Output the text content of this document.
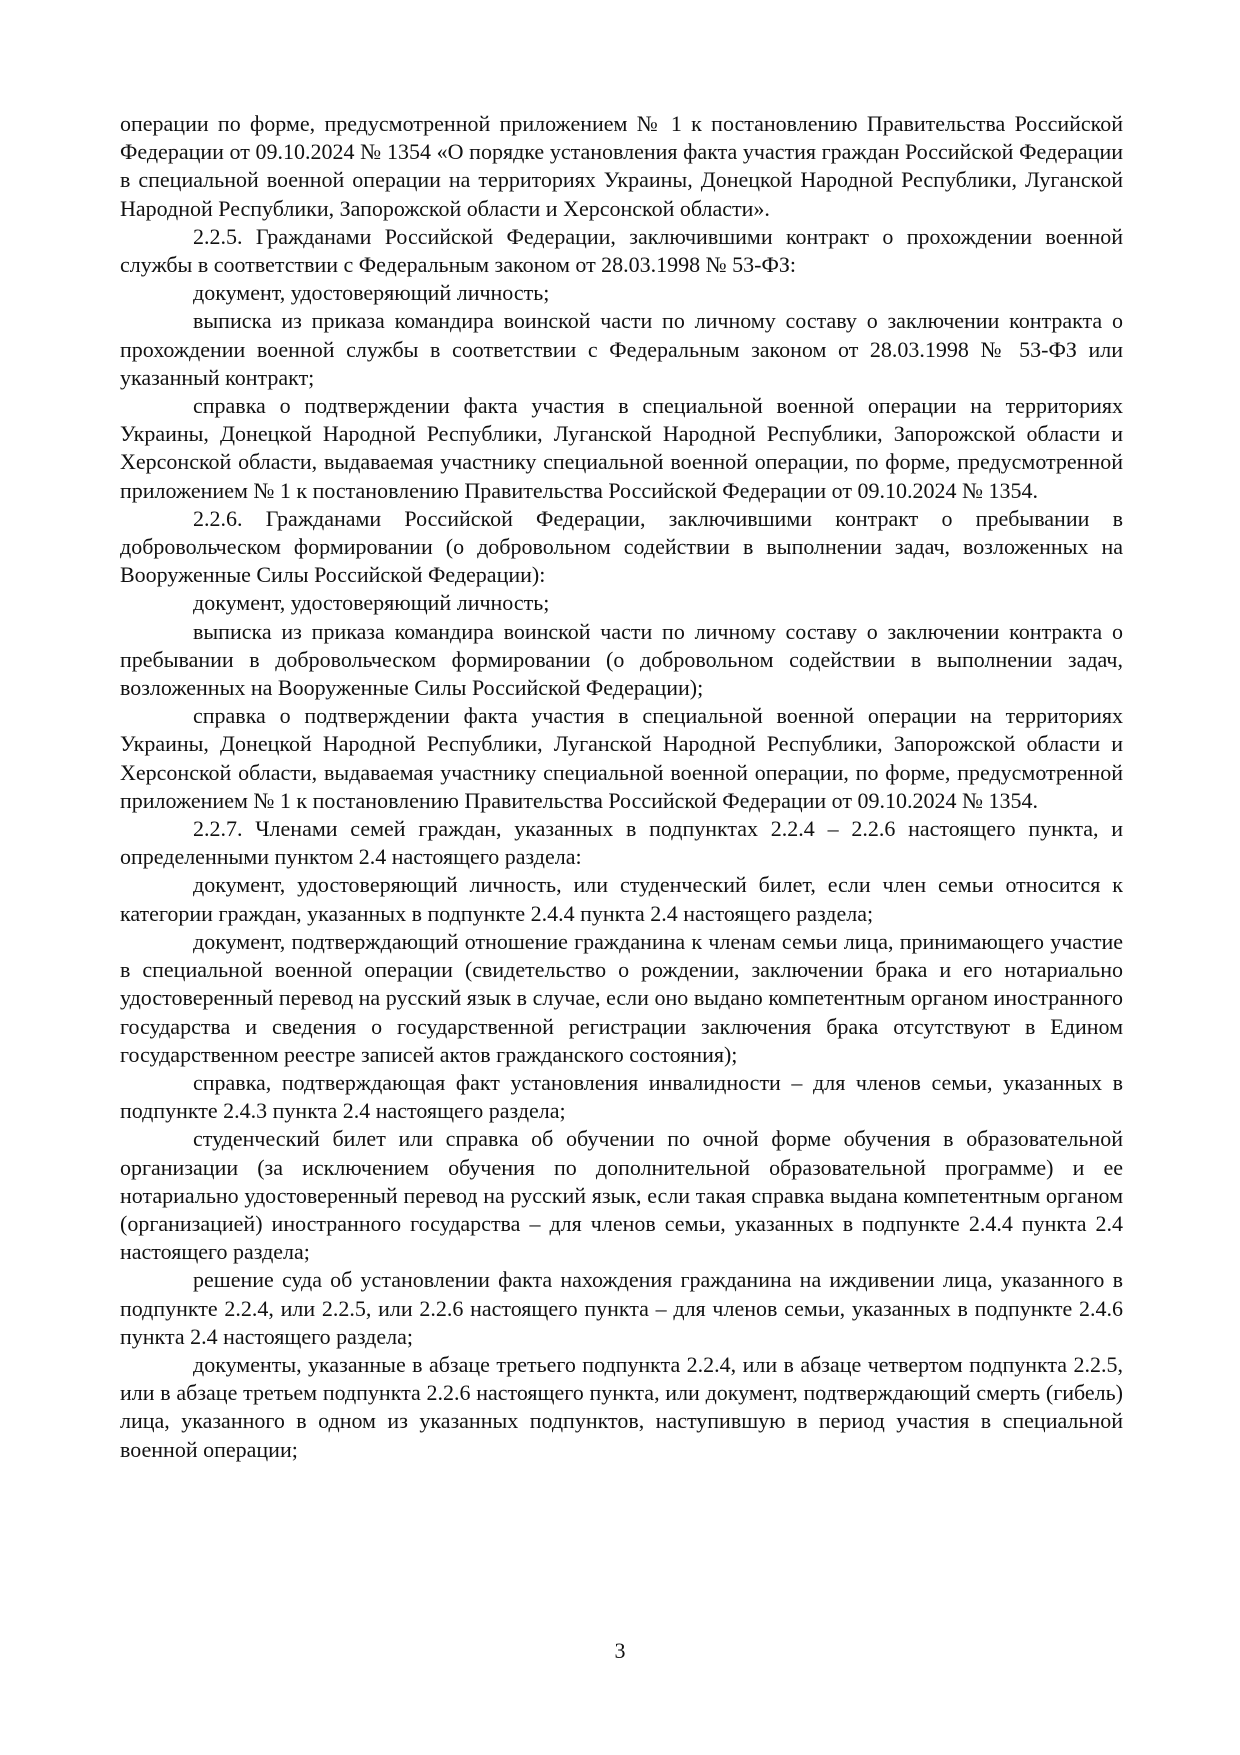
операции по форме, предусмотренной приложением № 1 к постановлению Правительства Российской Федерации от 09.10.2024 № 1354 «О порядке установления факта участия граждан Российской Федерации в специальной военной операции на территориях Украины, Донецкой Народной Республики, Луганской Народной Республики, Запорожской области и Херсонской области».

2.2.5. Гражданами Российской Федерации, заключившими контракт о прохождении военной службы в соответствии с Федеральным законом от 28.03.1998 № 53-ФЗ:

документ, удостоверяющий личность;

выписка из приказа командира воинской части по личному составу о заключении контракта о прохождении военной службы в соответствии с Федеральным законом от 28.03.1998 № 53-ФЗ или указанный контракт;

справка о подтверждении факта участия в специальной военной операции на территориях Украины, Донецкой Народной Республики, Луганской Народной Республики, Запорожской области и Херсонской области, выдаваемая участнику специальной военной операции, по форме, предусмотренной приложением № 1 к постановлению Правительства Российской Федерации от 09.10.2024 № 1354.

2.2.6. Гражданами Российской Федерации, заключившими контракт о пребывании в добровольческом формировании (о добровольном содействии в выполнении задач, возложенных на Вооруженные Силы Российской Федерации):

документ, удостоверяющий личность;

выписка из приказа командира воинской части по личному составу о заключении контракта о пребывании в добровольческом формировании (о добровольном содействии в выполнении задач, возложенных на Вооруженные Силы Российской Федерации);

справка о подтверждении факта участия в специальной военной операции на территориях Украины, Донецкой Народной Республики, Луганской Народной Республики, Запорожской области и Херсонской области, выдаваемая участнику специальной военной операции, по форме, предусмотренной приложением № 1 к постановлению Правительства Российской Федерации от 09.10.2024 № 1354.

2.2.7. Членами семей граждан, указанных в подпунктах 2.2.4 – 2.2.6 настоящего пункта, и определенными пунктом 2.4 настоящего раздела:

документ, удостоверяющий личность, или студенческий билет, если член семьи относится к категории граждан, указанных в подпункте 2.4.4 пункта 2.4 настоящего раздела;

документ, подтверждающий отношение гражданина к членам семьи лица, принимающего участие в специальной военной операции (свидетельство о рождении, заключении брака и его нотариально удостоверенный перевод на русский язык в случае, если оно выдано компетентным органом иностранного государства и сведения о государственной регистрации заключения брака отсутствуют в Едином государственном реестре записей актов гражданского состояния);

справка, подтверждающая факт установления инвалидности – для членов семьи, указанных в подпункте 2.4.3 пункта 2.4 настоящего раздела;

студенческий билет или справка об обучении по очной форме обучения в образовательной организации (за исключением обучения по дополнительной образовательной программе) и ее нотариально удостоверенный перевод на русский язык, если такая справка выдана компетентным органом (организацией) иностранного государства – для членов семьи, указанных в подпункте 2.4.4 пункта 2.4 настоящего раздела;

решение суда об установлении факта нахождения гражданина на иждивении лица, указанного в подпункте 2.2.4, или 2.2.5, или 2.2.6 настоящего пункта – для членов семьи, указанных в подпункте 2.4.6 пункта 2.4 настоящего раздела;

документы, указанные в абзаце третьего подпункта 2.2.4, или в абзаце четвертом подпункта 2.2.5, или в абзаце третьем подпункта 2.2.6 настоящего пункта, или документ, подтверждающий смерть (гибель) лица, указанного в одном из указанных подпунктов, наступившую в период участия в специальной военной операции;

3
